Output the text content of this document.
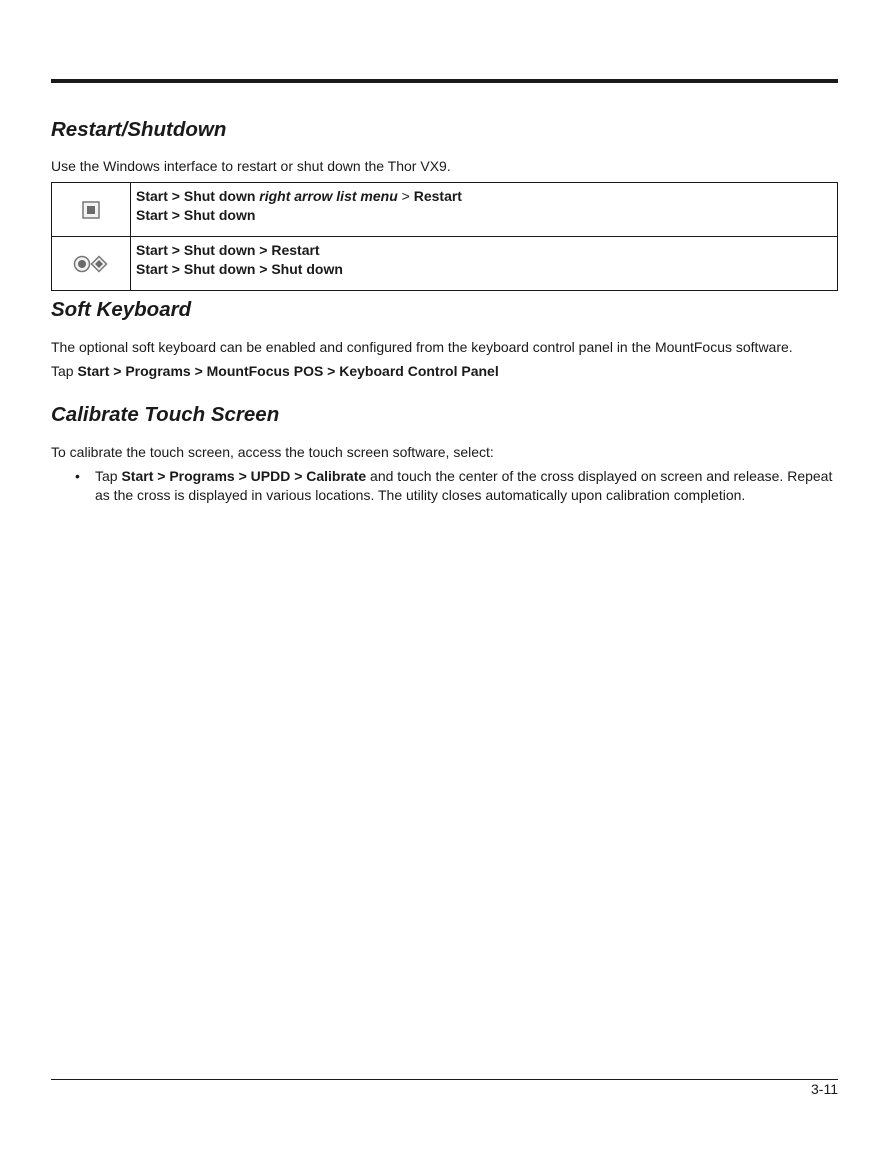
Restart/Shutdown

Use the Windows interface to restart or shut down the Thor VX9.

Start > Shut down right arrow list menu > Restart
Start > Shut down

Start > Shut down > Restart
Start > Shut down > Shut down
Soft Keyboard

The optional soft keyboard can be enabled and configured from the keyboard control panel in the MountFocus software.

Tap Start > Programs > MountFocus POS > Keyboard Control Panel

Calibrate Touch Screen

To calibrate the touch screen, access the touch screen software, select:

• Tap Start > Programs > UPDD > Calibrate and touch the center of the cross displayed on screen and release. Repeat as the cross is displayed in various locations. The utility closes automatically upon calibration completion.
3-11
